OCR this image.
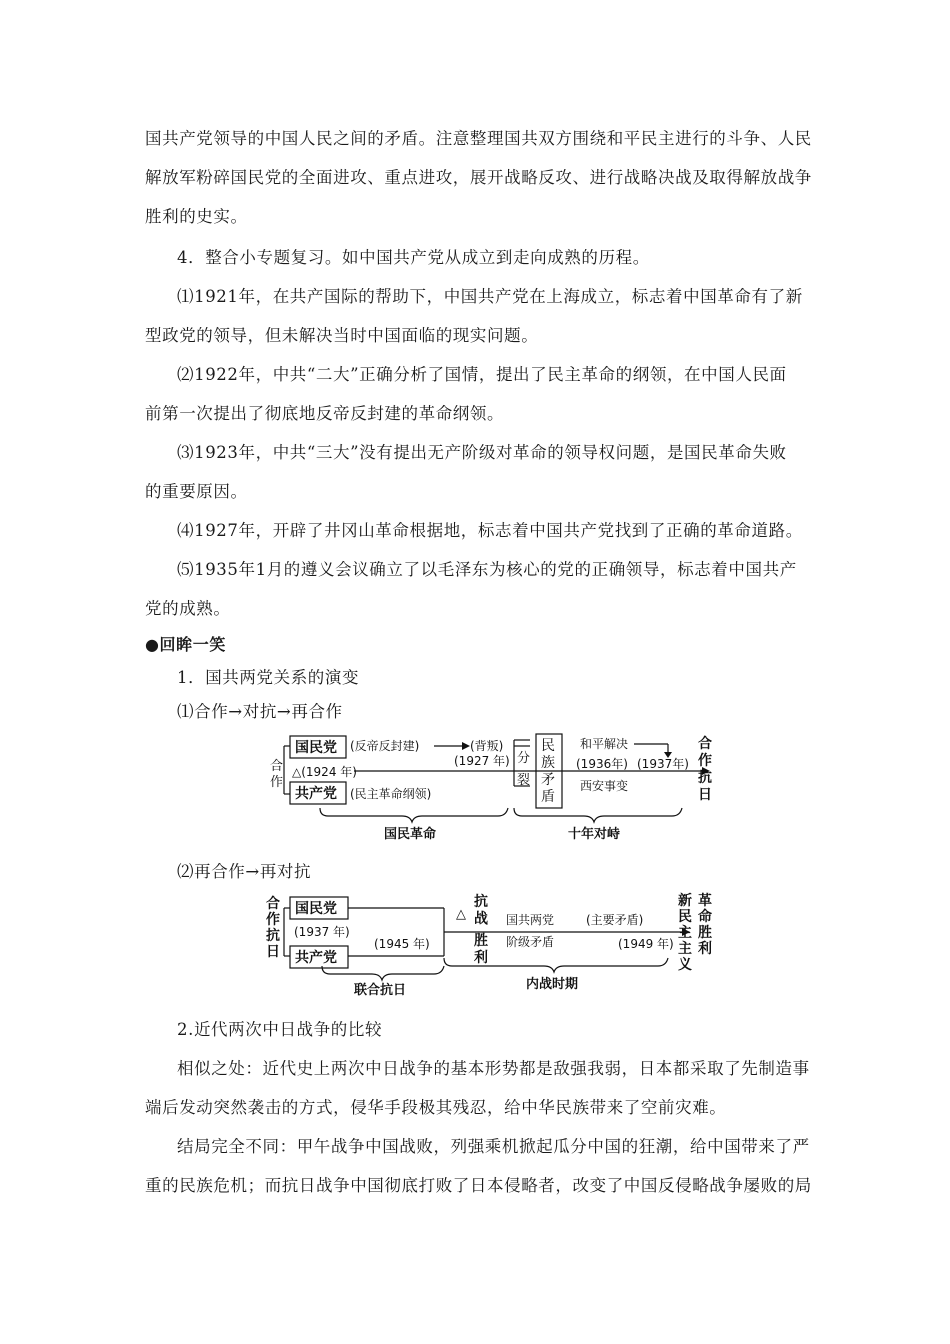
国共产党领导的中国人民之间的矛盾。注意整理国共双方围绕和平民主进行的斗争、人民
解放军粉碎国民党的全面进攻、重点进攻，展开战略反攻、进行战略决战及取得解放战争
胜利的史实。
4．整合小专题复习。如中国共产党从成立到走向成熟的历程。
⑴1921年，在共产国际的帮助下，中国共产党在上海成立，标志着中国革命有了新
型政党的领导，但未解决当时中国面临的现实问题。
⑵1922年，中共“二大”正确分析了国情，提出了民主革命的纲领，在中国人民面
前第一次提出了彻底地反帝反封建的革命纲领。
⑶1923年，中共“三大”没有提出无产阶级对革命的领导权问题，是国民革命失败
的重要原因。
⑷1927年，开辟了井冈山革命根据地，标志着中国共产党找到了正确的革命道路。
⑸1935年1月的遵义会议确立了以毛泽东为核心的党的正确领导，标志着中国共产
党的成熟。
●回眸一笑
1．国共两党关系的演变
⑴合作→对抗→再合作
合
作
国民党
共产党
(反帝反封建)	(背叛)
(1927 年)
△(1924 年)
(民主革命纲领)
分
裂
民
族
矛
盾
和平解决
(1936年) (1937年)
西安事变
合
作
抗
日
国民革命	十年对峙
⑵再合作→再对抗
合
作
抗
日
国民党
共产党
(1937 年)
(1945 年)
△
抗
战
胜
利
国共两党
阶级矛盾
(主要矛盾)
(1949 年)
新
民
主
主
义
革
命
胜
利
联合抗日	内战时期
2.近代两次中日战争的比较
相似之处：近代史上两次中日战争的基本形势都是敌强我弱，日本都采取了先制造事
端后发动突然袭击的方式，侵华手段极其残忍，给中华民族带来了空前灾难。
结局完全不同：甲午战争中国战败，列强乘机掀起瓜分中国的狂潮，给中国带来了严
重的民族危机；而抗日战争中国彻底打败了日本侵略者，改变了中国反侵略战争屡败的局
